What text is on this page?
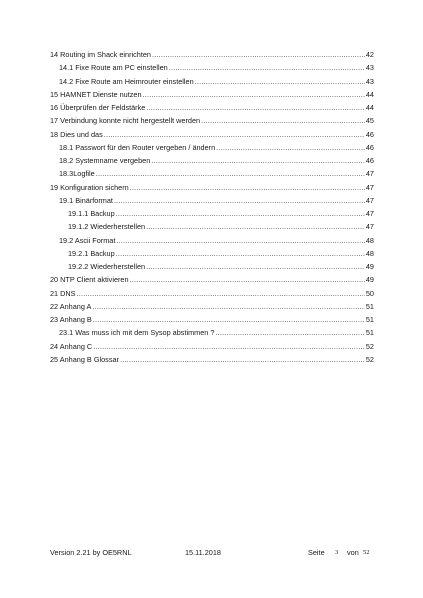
14 Routing im Shack einrichten .....	42
14.1 Fixe Route am PC einstellen .....	43
14.2 Fixe Route am Heimrouter einstellen .....	43
15 HAMNET Dienste nutzen .....	44
16 Überprüfen der Feldstärke .....	44
17 Verbindung konnte nicht hergestellt werden .....	45
18 Dies und das .....	46
18.1 Passwort für den Router vergeben / ändern .....	46
18.2 Systemname vergeben .....	46
18.3Logfile .....	47
19 Konfiguration sichern .....	47
19.1 Binärformat .....	47
19.1.1 Backup .....	47
19.1.2 Wiederherstellen .....	47
19.2 Ascii Format .....	48
19.2.1 Backup .....	48
19.2.2 Wiederherstellen .....	49
20 NTP Client aktivieren .....	49
21 DNS .....	50
22 Anhang A .....	51
23 Anhang B .....	51
23.1 Was muss ich mit dem Sysop abstimmen ? .....	51
24 Anhang C .....	52
25 Anhang B Glossar .....	52
Version 2.21 by OE5RNL	15.11.2018	Seite 3 von 52
